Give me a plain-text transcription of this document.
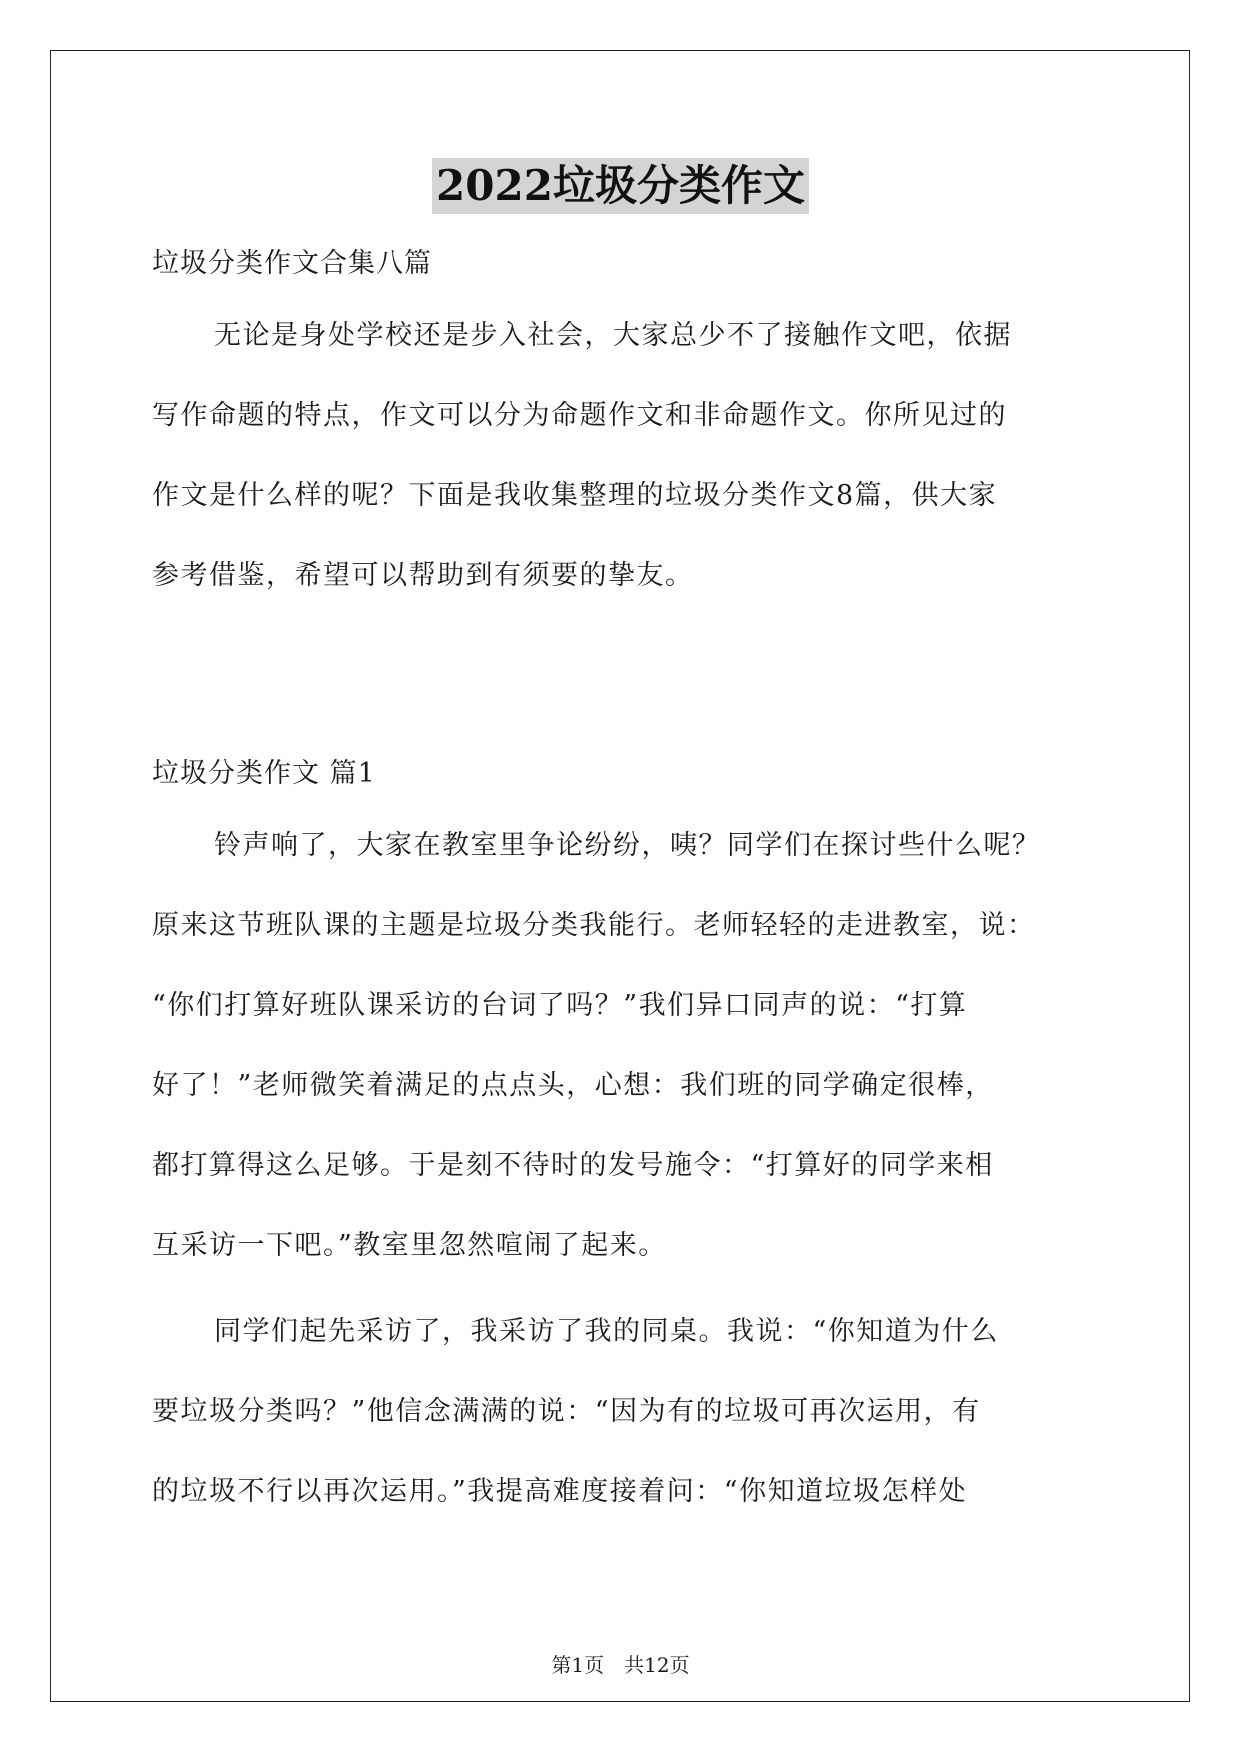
2022垃圾分类作文
垃圾分类作文合集八篇
无论是身处学校还是步入社会，大家总少不了接触作文吧，依据
写作命题的特点，作文可以分为命题作文和非命题作文。你所见过的
作文是什么样的呢？下面是我收集整理的垃圾分类作文8篇，供大家
参考借鉴，希望可以帮助到有须要的挚友。
垃圾分类作文 篇1
铃声响了，大家在教室里争论纷纷，咦？同学们在探讨些什么呢？
原来这节班队课的主题是垃圾分类我能行。老师轻轻的走进教室，说：
“你们打算好班队课采访的台词了吗？”我们异口同声的说：“打算
好了！”老师微笑着满足的点点头，心想：我们班的同学确定很棒，
都打算得这么足够。于是刻不待时的发号施令：“打算好的同学来相
互采访一下吧。”教室里忽然喧闹了起来。
同学们起先采访了，我采访了我的同桌。我说：“你知道为什么
要垃圾分类吗？”他信念满满的说：“因为有的垃圾可再次运用，有
的垃圾不行以再次运用。”我提高难度接着问：“你知道垃圾怎样处
第1页　共12页
